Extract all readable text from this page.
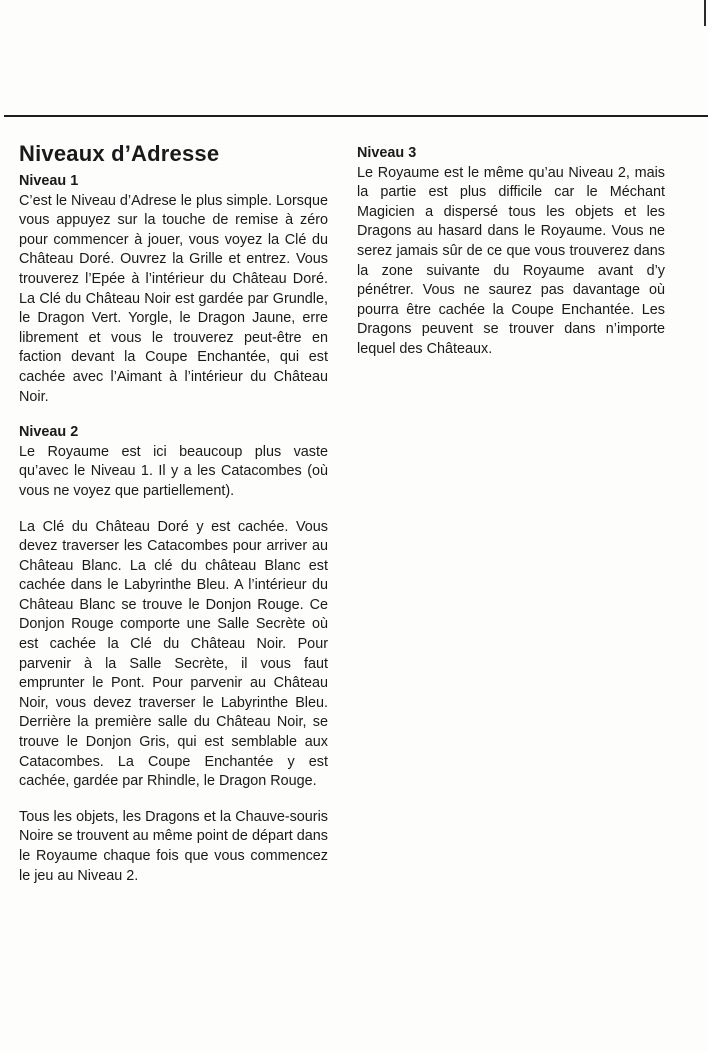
Niveaux d’Adresse
Niveau 1

C’est le Niveau d’Adrese le plus simple. Lorsque vous appuyez sur la touche de remise à zéro pour commencer à jouer, vous voyez la Clé du Château Doré. Ouvrez la Grille et entrez. Vous trouverez l’Epée à l’intérieur du Château Doré. La Clé du Château Noir est gardée par Grundle, le Dragon Vert. Yorgle, le Dragon Jaune, erre librement et vous le trouverez peut-être en faction devant la Coupe Enchantée, qui est cachée avec l’Aimant à l’intérieur du Château Noir.

Niveau 2

Le Royaume est ici beaucoup plus vaste qu’avec le Niveau 1. Il y a les Catacombes (où vous ne voyez que partiellement).

La Clé du Château Doré y est cachée. Vous devez traverser les Catacombes pour arriver au Château Blanc. La clé du château Blanc est cachée dans le Labyrinthe Bleu. A l’intérieur du Château Blanc se trouve le Donjon Rouge. Ce Donjon Rouge comporte une Salle Secrète où est cachée la Clé du Château Noir. Pour parvenir à la Salle Secrète, il vous faut emprunter le Pont. Pour parvenir au Château Noir, vous devez traverser le Labyrinthe Bleu. Derrière la première salle du Château Noir, se trouve le Donjon Gris, qui est semblable aux Catacombes. La Coupe Enchantée y est cachée, gardée par Rhindle, le Dragon Rouge.

Tous les objets, les Dragons et la Chauve-souris Noire se trouvent au même point de départ dans le Royaume chaque fois que vous commencez le jeu au Niveau 2.

Niveau 3

Le Royaume est le même qu’au Niveau 2, mais la partie est plus difficile car le Méchant Magicien a dispersé tous les objets et les Dragons au hasard dans le Royaume. Vous ne serez jamais sûr de ce que vous trouverez dans la zone suivante du Royaume avant d’y pénétrer. Vous ne saurez pas davantage où pourra être cachée la Coupe Enchantée. Les Dragons peuvent se trouver dans n’importe lequel des Châteaux.
